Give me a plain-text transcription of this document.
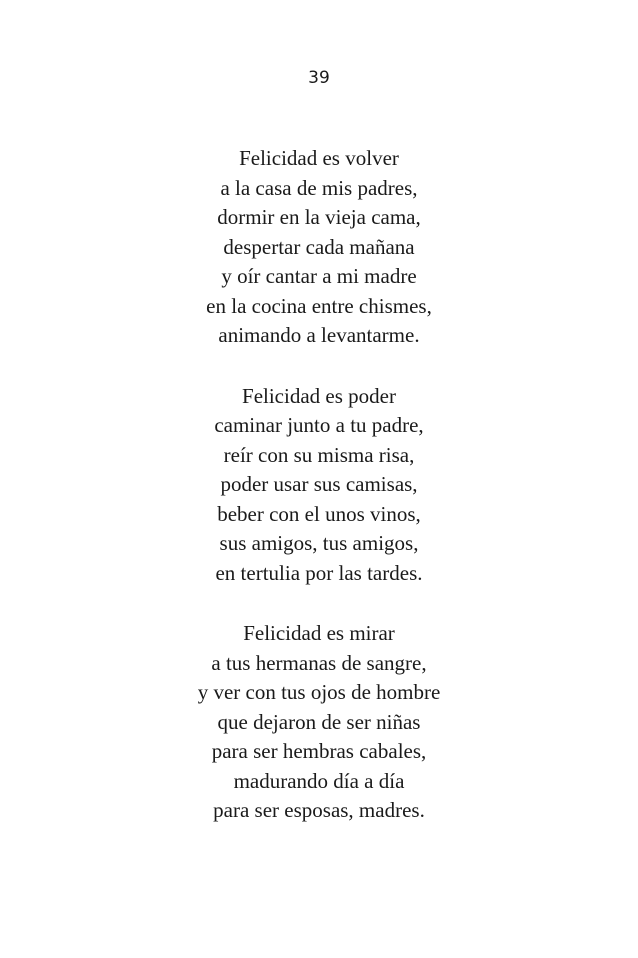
39
Felicidad es volver
a la casa de mis padres,
dormir en la vieja cama,
despertar cada mañana
y oír cantar a mi madre
en la cocina entre chismes,
animando a levantarme.
Felicidad es poder
caminar junto a tu padre,
reír con su misma risa,
poder usar sus camisas,
beber con el unos vinos,
sus amigos, tus amigos,
en tertulia por las tardes.
Felicidad es mirar
a tus hermanas de sangre,
y ver con tus ojos de hombre
que dejaron de ser niñas
para ser hembras cabales,
madurando día a día
para ser esposas, madres.
